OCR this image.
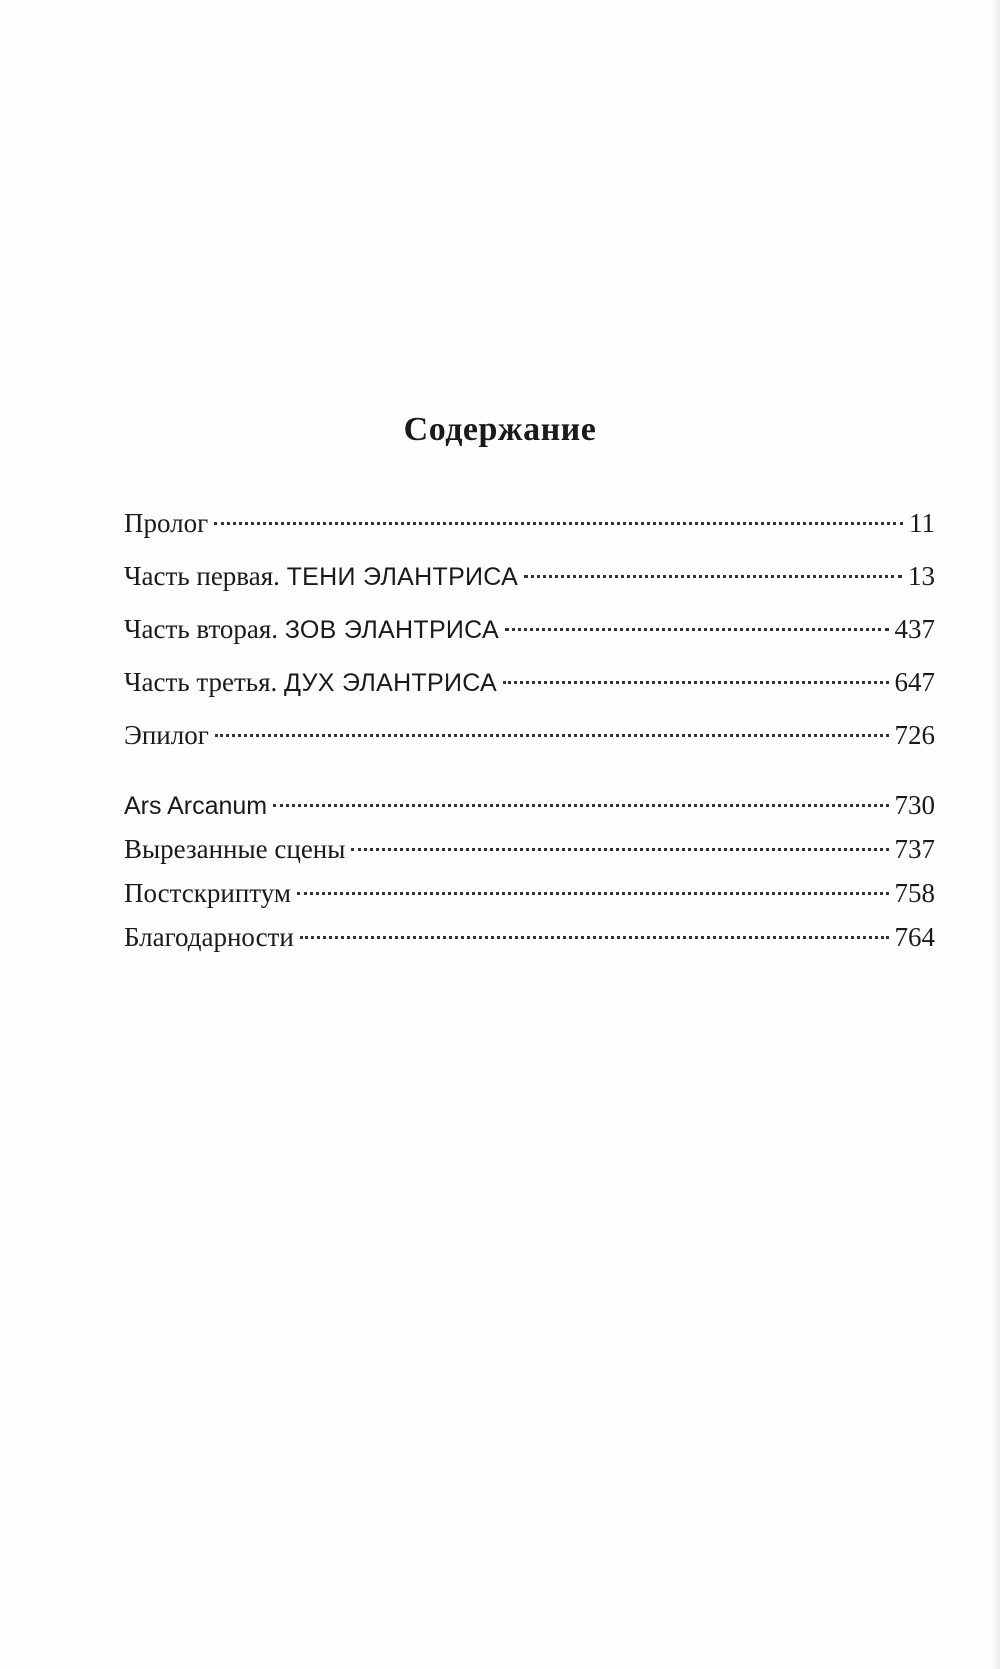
Содержание
Пролог	11
Часть первая. ТЕНИ ЭЛАНТРИСА	13
Часть вторая. ЗОВ ЭЛАНТРИСА	437
Часть третья. ДУХ ЭЛАНТРИСА	647
Эпилог	726
Ars Arcanum	730
Вырезанные сцены	737
Постскриптум	758
Благодарности	764
